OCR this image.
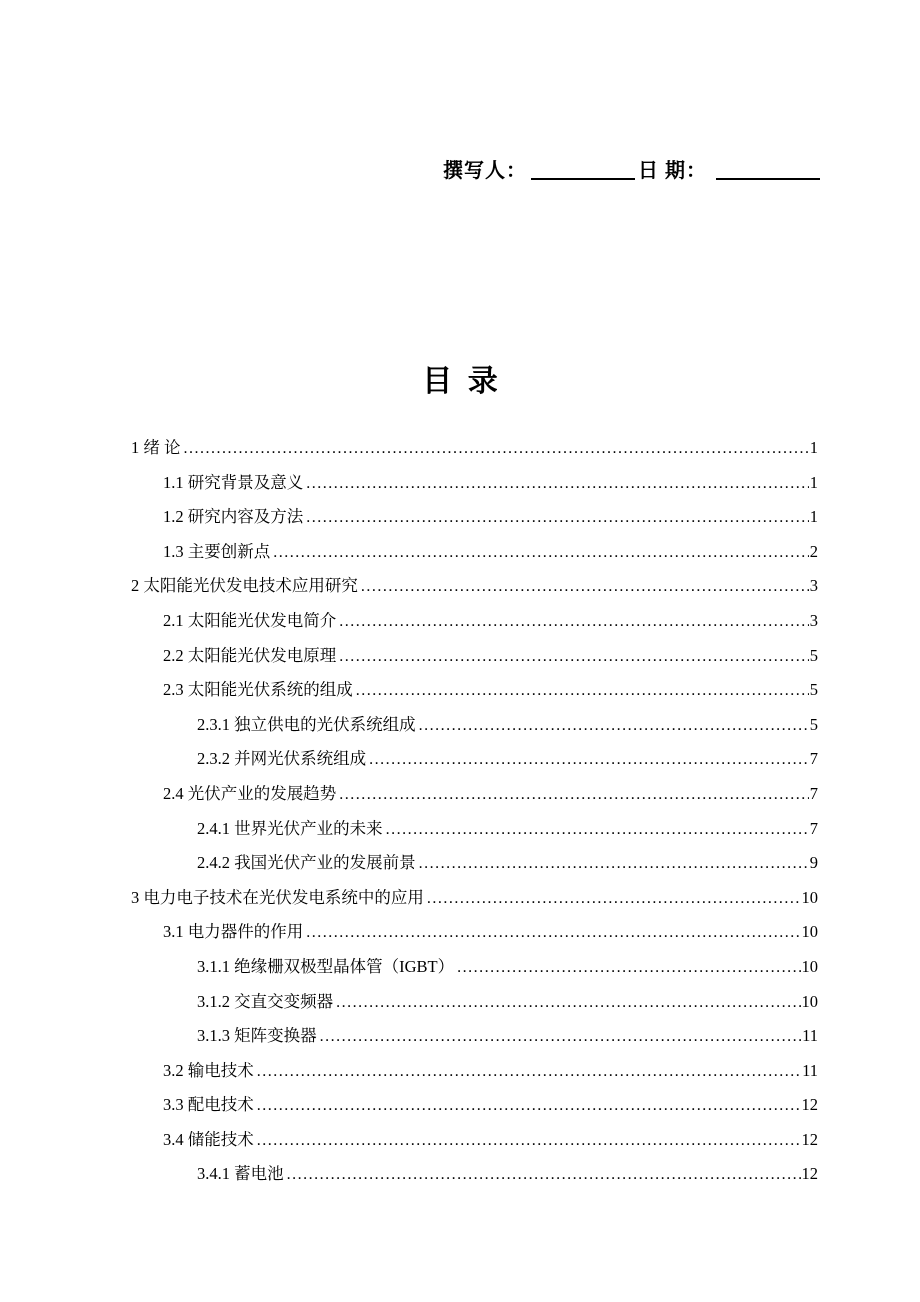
撰写人：	日 期：
目 录
1 绪 论 .....	1
1.1 研究背景及意义 .....	1
1.2 研究内容及方法 .....	1
1.3 主要创新点 .....	2
2 太阳能光伏发电技术应用研究 .....	3
2.1 太阳能光伏发电简介 .....	3
2.2 太阳能光伏发电原理 .....	5
2.3 太阳能光伏系统的组成 .....	5
2.3.1 独立供电的光伏系统组成 .....	5
2.3.2 并网光伏系统组成 .....	7
2.4 光伏产业的发展趋势 .....	7
2.4.1 世界光伏产业的未来 .....	7
2.4.2 我国光伏产业的发展前景 .....	9
3 电力电子技术在光伏发电系统中的应用 .....	10
3.1 电力器件的作用 .....	10
3.1.1 绝缘栅双极型晶体管（IGBT） .....	10
3.1.2 交直交变频器 .....	10
3.1.3 矩阵变换器 .....	11
3.2 输电技术 .....	11
3.3 配电技术 .....	12
3.4 储能技术 .....	12
3.4.1 蓄电池 .....	12
